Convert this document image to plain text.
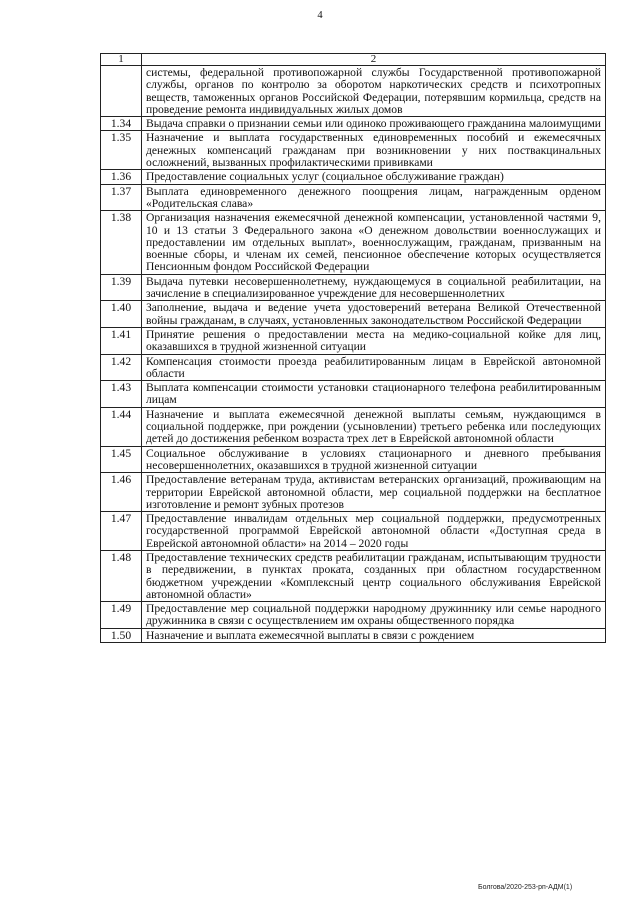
4
1	2
	системы, федеральной противопожарной службы Государственной противопожарной службы, органов по контролю за оборотом наркотических средств и психотропных веществ, таможенных органов Российской Федерации, потерявшим кормильца, средств на проведение ремонта индивидуальных жилых домов
1.34	Выдача справки о признании семьи или одиноко проживающего гражданина малоимущими
1.35	Назначение и выплата государственных единовременных пособий и ежемесячных денежных компенсаций гражданам при возникновении у них поствакцинальных осложнений, вызванных профилактическими прививками
1.36	Предоставление социальных услуг (социальное обслуживание граждан)
1.37	Выплата единовременного денежного поощрения лицам, награжденным орденом «Родительская слава»
1.38	Организация назначения ежемесячной денежной компенсации, установленной частями 9, 10 и 13 статьи 3 Федерального закона «О денежном довольствии военнослужащих и предоставлении им отдельных выплат», военнослужащим, гражданам, призванным на военные сборы, и членам их семей, пенсионное обеспечение которых осуществляется Пенсионным фондом Российской Федерации
1.39	Выдача путевки несовершеннолетнему, нуждающемуся в социальной реабилитации, на зачисление в специализированное учреждение для несовершеннолетних
1.40	Заполнение, выдача и ведение учета удостоверений ветерана Великой Отечественной войны гражданам, в случаях, установленных законодательством Российской Федерации
1.41	Принятие решения о предоставлении места на медико-социальной койке для лиц, оказавшихся в трудной жизненной ситуации
1.42	Компенсация стоимости проезда реабилитированным лицам в Еврейской автономной области
1.43	Выплата компенсации стоимости установки стационарного телефона реабилитированным лицам
1.44	Назначение и выплата ежемесячной денежной выплаты семьям, нуждающимся в социальной поддержке, при рождении (усыновлении) третьего ребенка или последующих детей до достижения ребенком возраста трех лет в Еврейской автономной области
1.45	Социальное обслуживание в условиях стационарного и дневного пребывания несовершеннолетних, оказавшихся в трудной жизненной ситуации
1.46	Предоставление ветеранам труда, активистам ветеранских организаций, проживающим на территории Еврейской автономной области, мер социальной поддержки на бесплатное изготовление и ремонт зубных протезов
1.47	Предоставление инвалидам отдельных мер социальной поддержки, предусмотренных государственной программой Еврейской автономной области «Доступная среда в Еврейской автономной области» на 2014 – 2020 годы
1.48	Предоставление технических средств реабилитации гражданам, испытывающим трудности в передвижении, в пунктах проката, созданных при областном государственном бюджетном учреждении «Комплексный центр социального обслуживания Еврейской автономной области»
1.49	Предоставление мер социальной поддержки народному дружиннику или семье народного дружинника в связи с осуществлением им охраны общественного порядка
1.50	Назначение и выплата ежемесячной выплаты в связи с рождением
Болгова/2020-253-рп-АДМ(1)
